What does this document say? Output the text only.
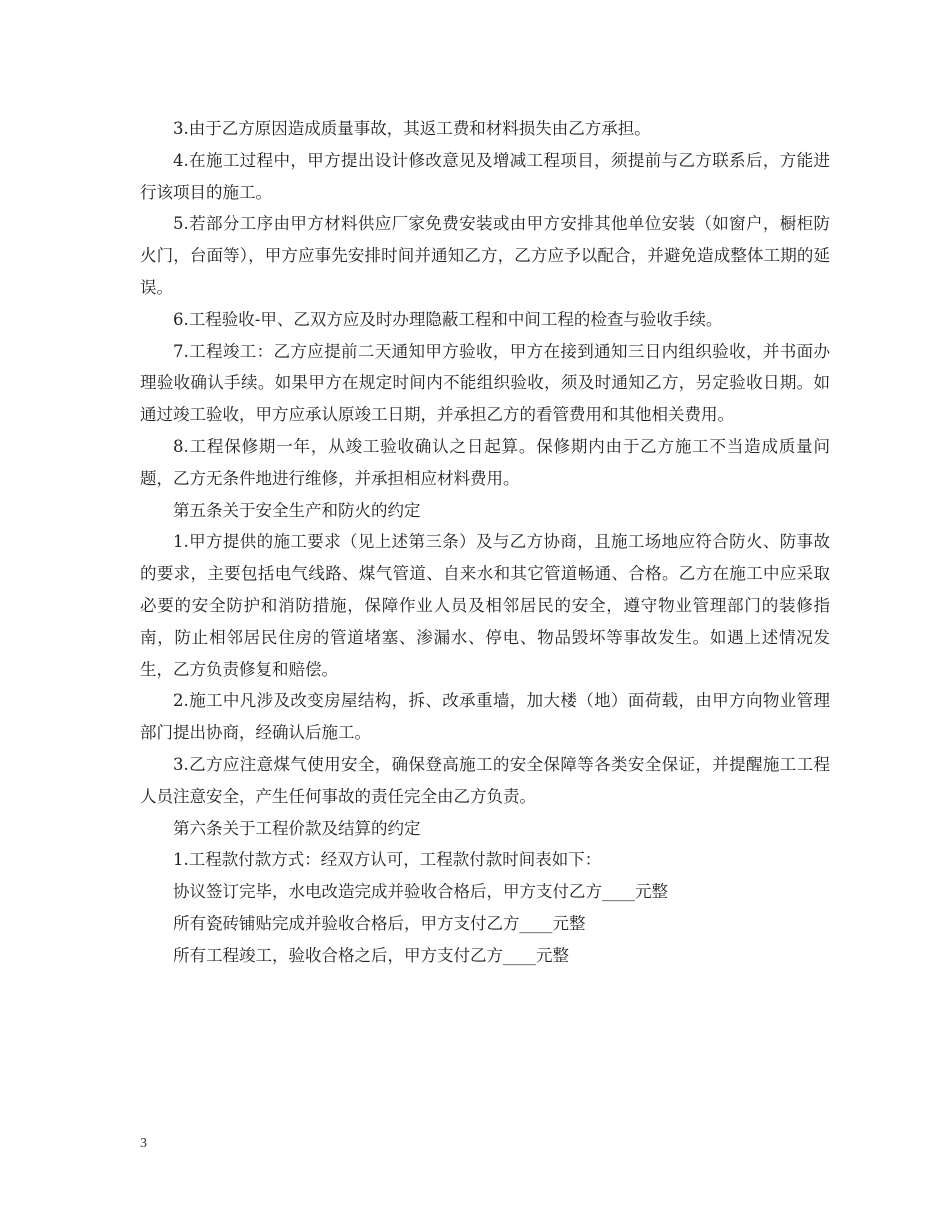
3.由于乙方原因造成质量事故，其返工费和材料损失由乙方承担。

4.在施工过程中，甲方提出设计修改意见及增减工程项目，须提前与乙方联系后，方能进行该项目的施工。

5.若部分工序由甲方材料供应厂家免费安装或由甲方安排其他单位安装（如窗户，橱柜防火门，台面等），甲方应事先安排时间并通知乙方，乙方应予以配合，并避免造成整体工期的延误。

6.工程验收-甲、乙双方应及时办理隐蔽工程和中间工程的检查与验收手续。

7.工程竣工：乙方应提前二天通知甲方验收，甲方在接到通知三日内组织验收，并书面办理验收确认手续。如果甲方在规定时间内不能组织验收，须及时通知乙方，另定验收日期。如通过竣工验收，甲方应承认原竣工日期，并承担乙方的看管费用和其他相关费用。

8.工程保修期一年，从竣工验收确认之日起算。保修期内由于乙方施工不当造成质量问题，乙方无条件地进行维修，并承担相应材料费用。

第五条关于安全生产和防火的约定

1.甲方提供的施工要求（见上述第三条）及与乙方协商，且施工场地应符合防火、防事故的要求，主要包括电气线路、煤气管道、自来水和其它管道畅通、合格。乙方在施工中应采取必要的安全防护和消防措施，保障作业人员及相邻居民的安全，遵守物业管理部门的装修指南，防止相邻居民住房的管道堵塞、渗漏水、停电、物品毁坏等事故发生。如遇上述情况发生，乙方负责修复和赔偿。

2.施工中凡涉及改变房屋结构，拆、改承重墙，加大楼（地）面荷载，由甲方向物业管理部门提出协商，经确认后施工。

3.乙方应注意煤气使用安全，确保登高施工的安全保障等各类安全保证，并提醒施工工程人员注意安全，产生任何事故的责任完全由乙方负责。

第六条关于工程价款及结算的约定

1.工程款付款方式：经双方认可，工程款付款时间表如下：

协议签订完毕，水电改造完成并验收合格后，甲方支付乙方____元整

所有瓷砖铺贴完成并验收合格后，甲方支付乙方____元整

所有工程竣工，验收合格之后，甲方支付乙方____元整

3
